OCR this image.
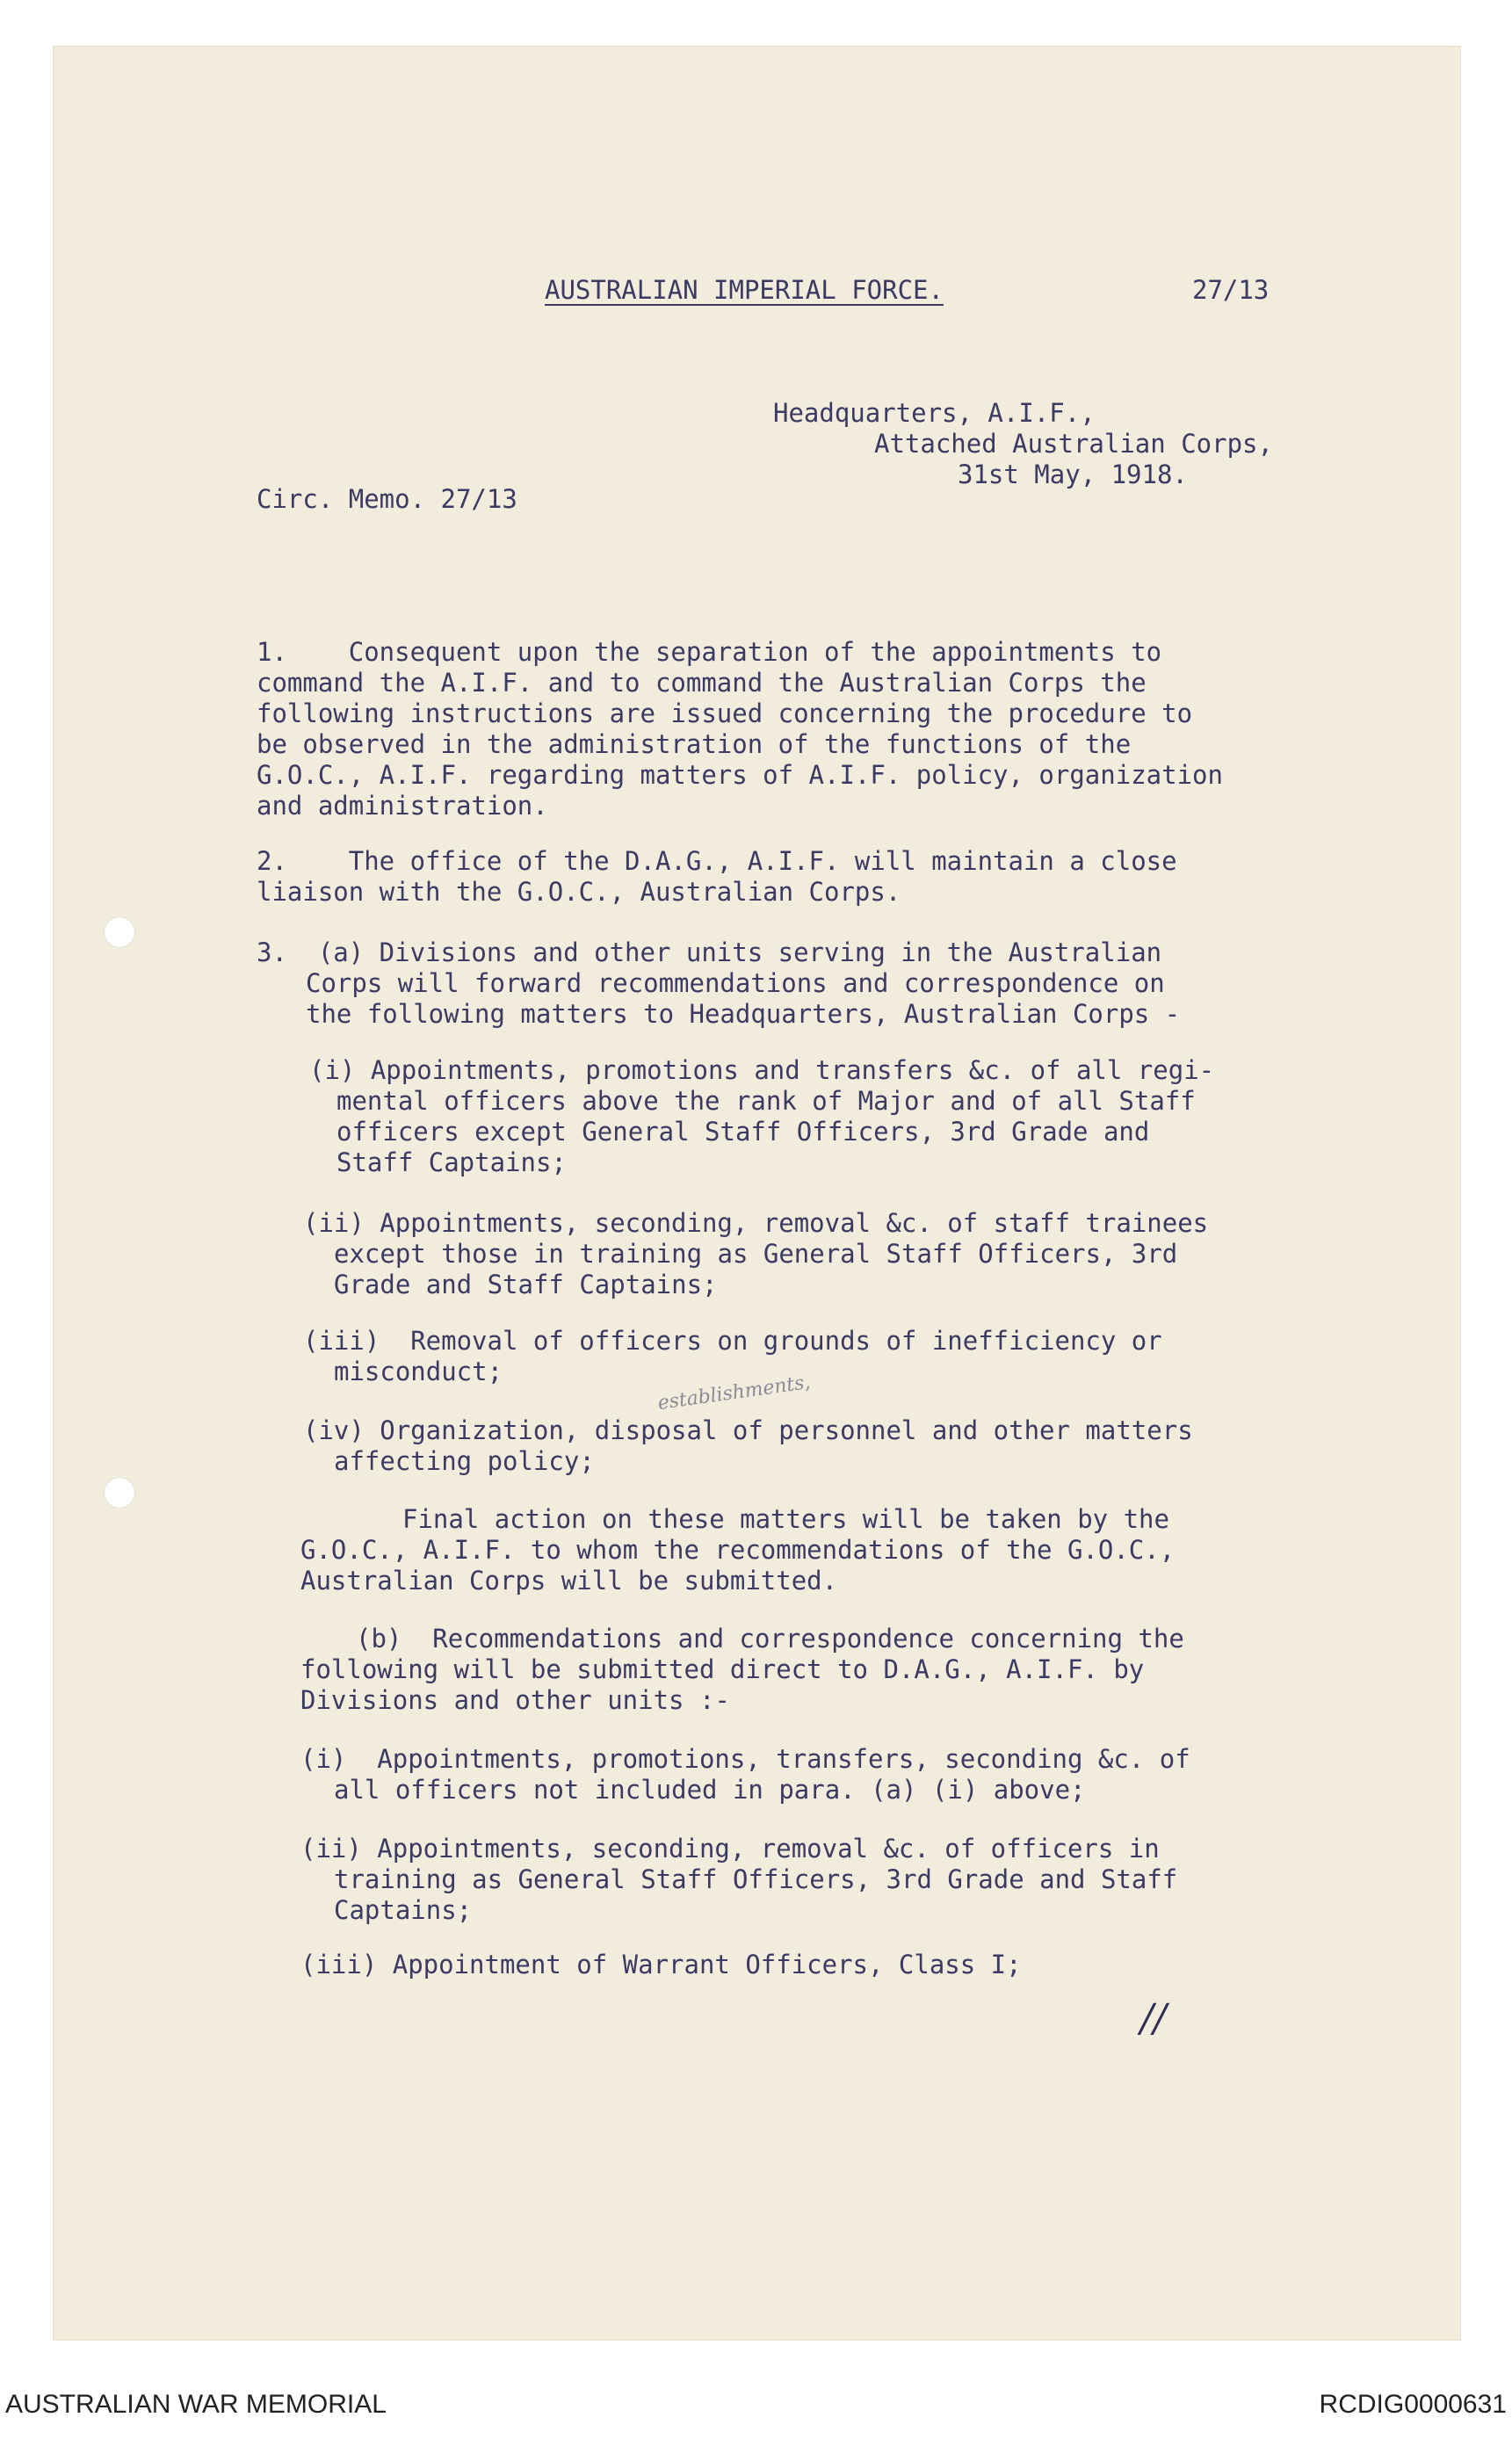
AUSTRALIAN IMPERIAL FORCE.	27/13
Headquarters, A.I.F.,
Attached Australian Corps,
31st May, 1918.
Circ. Memo. 27/13
1.    Consequent upon the separation of the appointments to
command the A.I.F. and to command the Australian Corps the
following instructions are issued concerning the procedure to
be observed in the administration of the functions of the
G.O.C., A.I.F. regarding matters of A.I.F. policy, organization
and administration.
2.    The office of the D.A.G., A.I.F. will maintain a close
liaison with the G.O.C., Australian Corps.
3.  (a) Divisions and other units serving in the Australian
Corps will forward recommendations and correspondence on
the following matters to Headquarters, Australian Corps -
(i) Appointments, promotions and transfers &c. of all regi-
mental officers above the rank of Major and of all Staff
officers except General Staff Officers, 3rd Grade and
Staff Captains;
(ii) Appointments, seconding, removal &c. of staff trainees
except those in training as General Staff Officers, 3rd
Grade and Staff Captains;
(iii)  Removal of officers on grounds of inefficiency or
misconduct;	establishments,
(iv) Organization, disposal of personnel and other matters
affecting policy;
Final action on these matters will be taken by the
G.O.C., A.I.F. to whom the recommendations of the G.O.C.,
Australian Corps will be submitted.
(b)  Recommendations and correspondence concerning the
following will be submitted direct to D.A.G., A.I.F. by
Divisions and other units :-
(i)  Appointments, promotions, transfers, seconding &c. of
all officers not included in para. (a) (i) above;
(ii) Appointments, seconding, removal &c. of officers in
training as General Staff Officers, 3rd Grade and Staff
Captains;
(iii) Appointment of Warrant Officers, Class I;
//
AUSTRALIAN WAR MEMORIAL	RCDIG0000631
